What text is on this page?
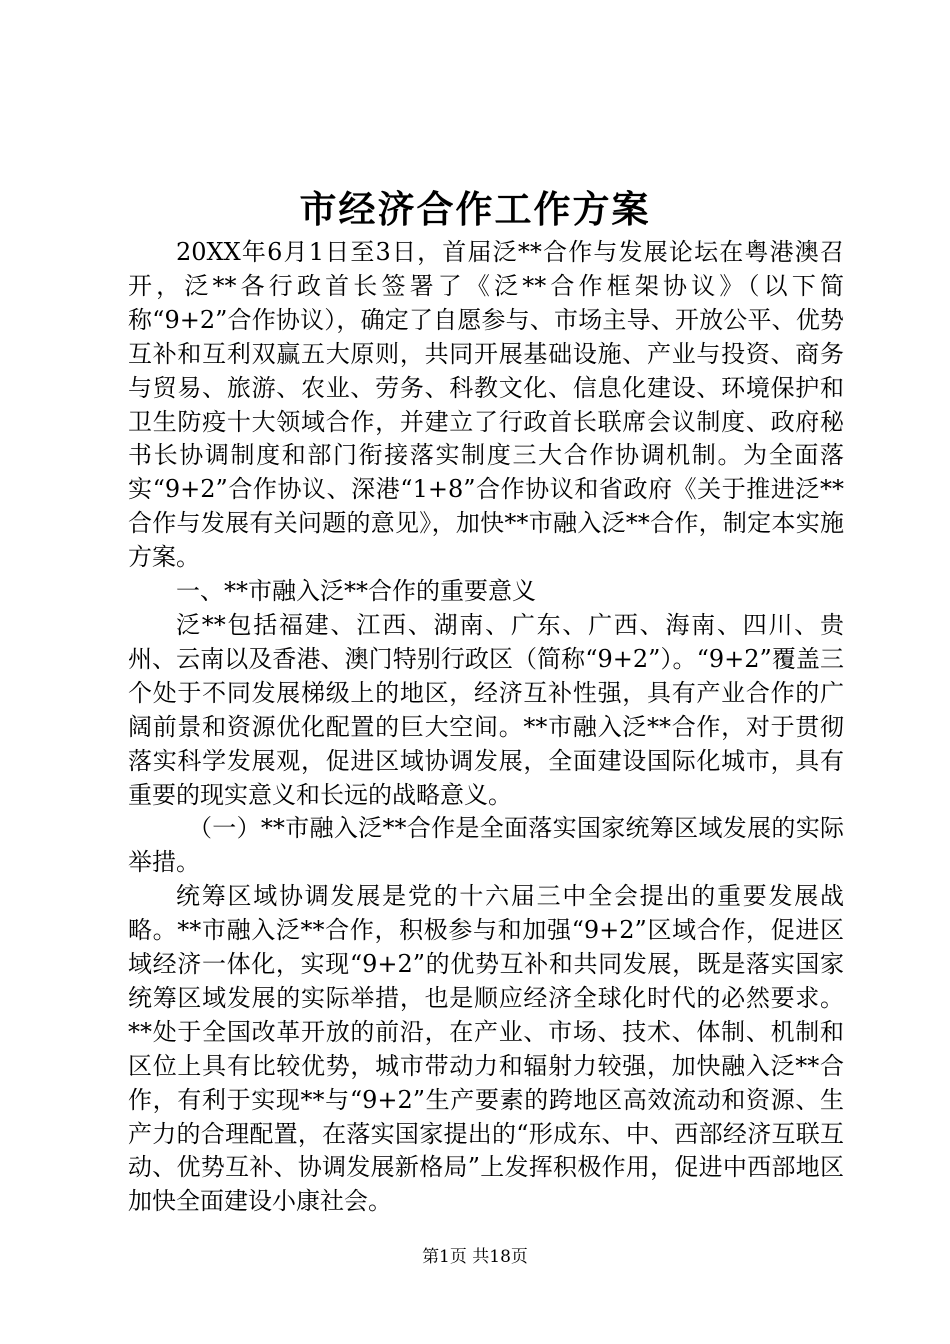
市经济合作工作方案

20XX年6月1日至3日，首届泛**合作与发展论坛在粤港澳召开，泛**各行政首长签署了《泛**合作框架协议》（以下简称“9+2”合作协议），确定了自愿参与、市场主导、开放公平、优势互补和互利双赢五大原则，共同开展基础设施、产业与投资、商务与贸易、旅游、农业、劳务、科教文化、信息化建设、环境保护和卫生防疫十大领域合作，并建立了行政首长联席会议制度、政府秘书长协调制度和部门衔接落实制度三大合作协调机制。为全面落实“9+2”合作协议、深港“1+8”合作协议和省政府《关于推进泛**合作与发展有关问题的意见》，加快**市融入泛**合作，制定本实施方案。

一、**市融入泛**合作的重要意义

泛**包括福建、江西、湖南、广东、广西、海南、四川、贵州、云南以及香港、澳门特别行政区（简称“9+2”）。“9+2”覆盖三个处于不同发展梯级上的地区，经济互补性强，具有产业合作的广阔前景和资源优化配置的巨大空间。**市融入泛**合作，对于贯彻落实科学发展观，促进区域协调发展，全面建设国际化城市，具有重要的现实意义和长远的战略意义。

（一）**市融入泛**合作是全面落实国家统筹区域发展的实际举措。

统筹区域协调发展是党的十六届三中全会提出的重要发展战略。**市融入泛**合作，积极参与和加强“9+2”区域合作，促进区域经济一体化，实现“9+2”的优势互补和共同发展，既是落实国家统筹区域发展的实际举措，也是顺应经济全球化时代的必然要求。**处于全国改革开放的前沿，在产业、市场、技术、体制、机制和区位上具有比较优势，城市带动力和辐射力较强，加快融入泛**合作，有利于实现**与“9+2”生产要素的跨地区高效流动和资源、生产力的合理配置，在落实国家提出的“形成东、中、西部经济互联互动、优势互补、协调发展新格局”上发挥积极作用，促进中西部地区加快全面建设小康社会。

第1页 共18页
